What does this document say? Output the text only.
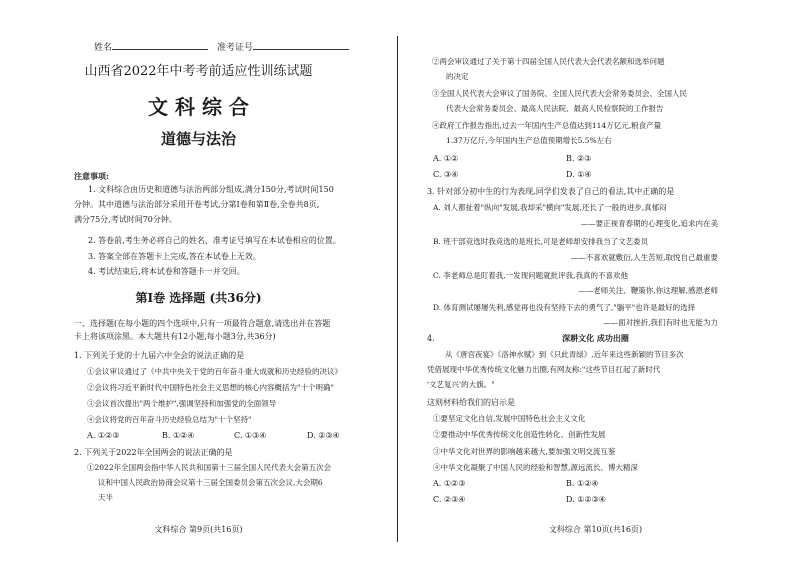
姓名	准考证号
山西省2022年中考考前适应性训练试题
文 科 综 合
道德与法治
注意事项:
1. 文科综合由历史和道德与法治两部分组成,满分150分,考试时间150
分钟。其中道德与法治部分采用开卷考试,分第Ⅰ卷和第Ⅱ卷,全卷共8页,
满分75分,考试时间70分钟。
2. 答卷前,考生务必将自己的姓名、准考证号填写在本试卷相应的位置。
3. 答案全部在答题卡上完成,答在本试卷上无效。
4. 考试结束后,将本试卷和答题卡一并交回。
第Ⅰ卷 选择题 (共36分)
一、选择题(在每小题的四个选项中,只有一项最符合题意,请选出并在答题
卡上将该项涂黑。本大题共有12小题,每小题3分,共36分)
1. 下列关于党的十九届六中全会的说法正确的是
①会议审议通过了《中共中央关于党的百年奋斗重大成就和历史经验的决议》
②会议将习近平新时代中国特色社会主义思想的核心内容概括为"十个明确"
③会议首次提出"两个维护",强调坚持和加强党的全面领导
④会议将党的百年奋斗历史经验总结为"十个坚持"
A. ①②③	B. ①②④	C. ①③④	D. ②③④
2. 下列关于2022年全国两会的说法正确的是
①2022年全国两会指中华人民共和国第十三届全国人民代表大会第五次会
议和中国人民政治协商会议第十三届全国委员会第五次会议,大会期6
天半
文科综合 第9页(共16页)
②两会审议通过了关于第十四届全国人民代表大会代表名额和选举问题
的决定
③全国人民代表大会审议了国务院、全国人民代表大会常务委员会、全国人民
代表大会常务委员会、最高人民法院、最高人民检察院的工作报告
④政府工作报告指出,过去一年国内生产总值达到114万亿元,粮食产量
1.37万亿斤,今年国内生产总值预期增长5.5%左右
A. ①②	B. ②③
C. ③④	D. ①④
3. 针对部分初中生的行为表现,同学们发表了自己的看法,其中正确的是
A. 刘人都扯着"纵向"发展,我却采"横向"发展,还长了一般的进步,真郁闷
——要正视青春期的心理变化,追求内在美
B. 班干部竞选时我竞选的是班长,可是老师却安排我当了文艺委员
——不喜欢就敷衍,人生苦短,取悦自己最重要
C. 李老师总是盯着我,一发现问题就批评我,我真的不喜欢他
——老师关注、鞭策你,你这理解,感恩老师
D. 体育测试屡屡失利,感觉再也没有坚持下去的勇气了,"躺平"也许是最好的选择
——面对挫折,我们有时也无能为力
4.	深耕文化 成功出圈
从《唐宫夜宴》《洛神水赋》到《只此青绿》,近年来这些新颖的节目多次
凭借展现中华优秀传统文化魅力出圈,有网友称:"这些节目扛起了新时代
'文艺复兴'的大旗。"
这则材料给我们的启示是
①要坚定文化自信,发展中国特色社会主义文化
②要推动中华优秀传统文化创造性转化、创新性发展
③中华文化对世界的影响越来越大,要加强文明交流互鉴
④中华文化凝聚了中国人民的经验和智慧,源远流长、博大精深
A. ①②③	B. ①②④
C. ②③④	D. ①②③④
文科综合 第10页(共16页)
